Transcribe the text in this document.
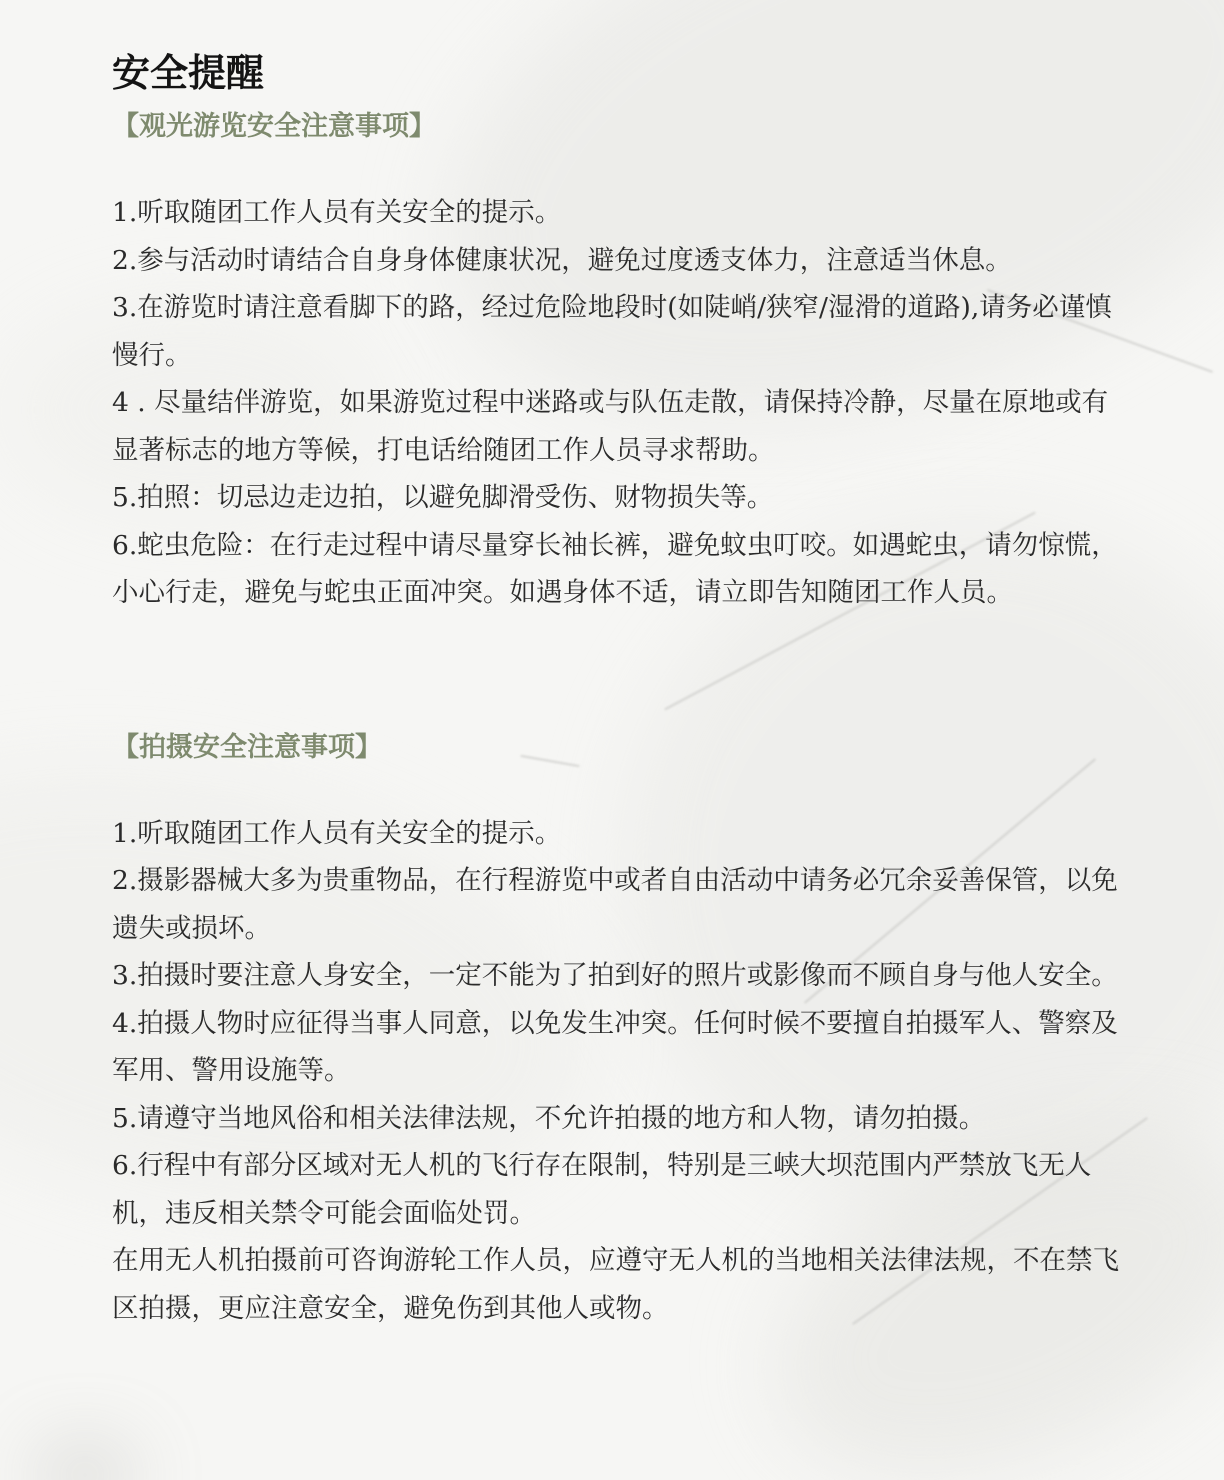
安全提醒
【观光游览安全注意事项】
1.听取随团工作人员有关安全的提示。
2.参与活动时请结合自身身体健康状况，避免过度透支体力，注意适当休息。
3.在游览时请注意看脚下的路，经过危险地段时(如陡峭/狭窄/湿滑的道路),请务必谨慎慢行。
4 . 尽量结伴游览，如果游览过程中迷路或与队伍走散，请保持冷静，尽量在原地或有显著标志的地方等候，打电话给随团工作人员寻求帮助。
5.拍照：切忌边走边拍，以避免脚滑受伤、财物损失等。
6.蛇虫危险：在行走过程中请尽量穿长袖长裤，避免蚊虫叮咬。如遇蛇虫，请勿惊慌，小心行走，避免与蛇虫正面冲突。如遇身体不适，请立即告知随团工作人员。
【拍摄安全注意事项】
1.听取随团工作人员有关安全的提示。
2.摄影器械大多为贵重物品，在行程游览中或者自由活动中请务必冗余妥善保管，以免遗失或损坏。
3.拍摄时要注意人身安全，一定不能为了拍到好的照片或影像而不顾自身与他人安全。
4.拍摄人物时应征得当事人同意，以免发生冲突。任何时候不要擅自拍摄军人、警察及军用、警用设施等。
5.请遵守当地风俗和相关法律法规，不允许拍摄的地方和人物，请勿拍摄。
6.行程中有部分区域对无人机的飞行存在限制，特别是三峡大坝范围内严禁放飞无人机，违反相关禁令可能会面临处罚。
在用无人机拍摄前可咨询游轮工作人员，应遵守无人机的当地相关法律法规，不在禁飞区拍摄，更应注意安全，避免伤到其他人或物。
